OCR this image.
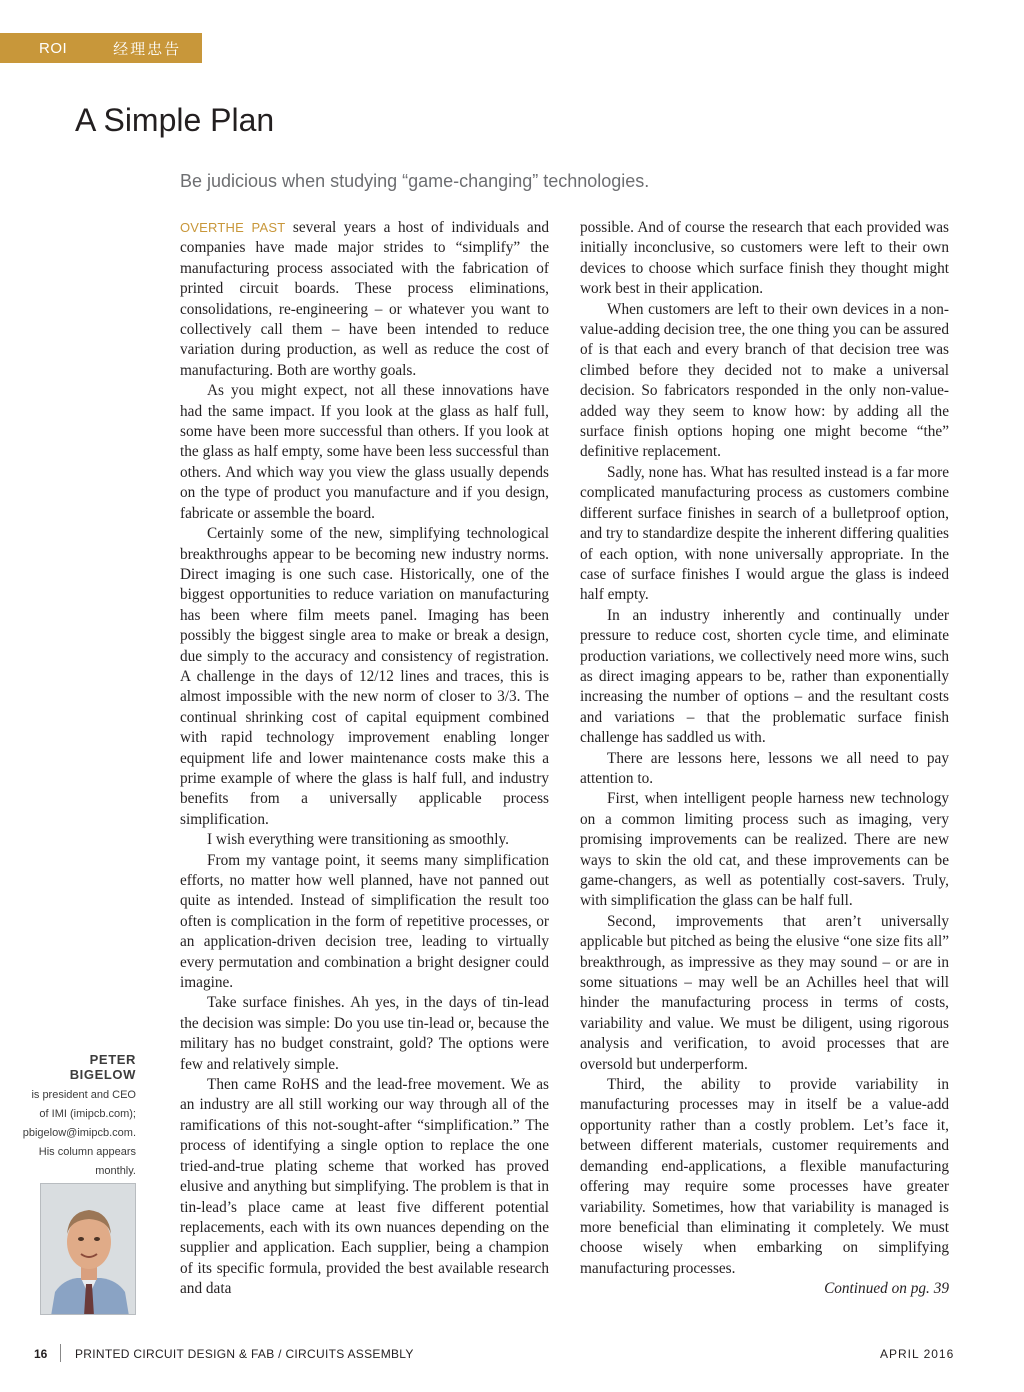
ROI	经理忠告
A Simple Plan
Be judicious when studying “game-changing” technologies.

OVERTHE PAST several years a host of individuals and companies have made major strides to “simplify” the manufacturing process associated with the fabrication of printed circuit boards. These process eliminations, consolidations, re-engineering – or whatever you want to collectively call them – have been intended to reduce variation during production, as well as reduce the cost of manufacturing. Both are worthy goals.

As you might expect, not all these innovations have had the same impact. If you look at the glass as half full, some have been more successful than others. If you look at the glass as half empty, some have been less successful than others. And which way you view the glass usually depends on the type of product you manufacture and if you design, fabricate or assemble the board.

Certainly some of the new, simplifying technological breakthroughs appear to be becoming new industry norms. Direct imaging is one such case. Historically, one of the biggest opportunities to reduce variation on manufacturing has been where film meets panel. Imaging has been possibly the biggest single area to make or break a design, due simply to the accuracy and consistency of registration. A challenge in the days of 12/12 lines and traces, this is almost impossible with the new norm of closer to 3/3. The continual shrinking cost of capital equipment combined with rapid technology improvement enabling longer equipment life and lower maintenance costs make this a prime example of where the glass is half full, and industry benefits from a universally applicable process simplification.

I wish everything were transitioning as smoothly.

From my vantage point, it seems many simplification efforts, no matter how well planned, have not panned out quite as intended. Instead of simplification the result too often is complication in the form of repetitive processes, or an application-driven decision tree, leading to virtually every permutation and combination a bright designer could imagine.

Take surface finishes. Ah yes, in the days of tin-lead the decision was simple: Do you use tin-lead or, because the military has no budget constraint, gold? The options were few and relatively simple.

Then came RoHS and the lead-free movement. We as an industry are all still working our way through all of the ramifications of this not-sought-after “simplification.” The process of identifying a single option to replace the one tried-and-true plating scheme that worked has proved elusive and anything but simplifying. The problem is that in tin-lead’s place came at least five different potential replacements, each with its own nuances depending on the supplier and application. Each supplier, being a champion of its specific formula, provided the best available research and data

possible. And of course the research that each provided was initially inconclusive, so customers were left to their own devices to choose which surface finish they thought might work best in their application.

When customers are left to their own devices in a non-value-adding decision tree, the one thing you can be assured of is that each and every branch of that decision tree was climbed before they decided not to make a universal decision. So fabricators responded in the only non-value-added way they seem to know how: by adding all the surface finish options hoping one might become “the” definitive replacement.

Sadly, none has. What has resulted instead is a far more complicated manufacturing process as customers combine different surface finishes in search of a bulletproof option, and try to standardize despite the inherent differing qualities of each option, with none universally appropriate. In the case of surface finishes I would argue the glass is indeed half empty.

In an industry inherently and continually under pressure to reduce cost, shorten cycle time, and eliminate production variations, we collectively need more wins, such as direct imaging appears to be, rather than exponentially increasing the number of options – and the resultant costs and variations – that the problematic surface finish challenge has saddled us with.

There are lessons here, lessons we all need to pay attention to.

First, when intelligent people harness new technology on a common limiting process such as imaging, very promising improvements can be realized. There are new ways to skin the old cat, and these improvements can be game-changers, as well as potentially cost-savers. Truly, with simplification the glass can be half full.

Second, improvements that aren’t universally applicable but pitched as being the elusive “one size fits all” breakthrough, as impressive as they may sound – or are in some situations – may well be an Achilles heel that will hinder the manufacturing process in terms of costs, variability and value. We must be diligent, using rigorous analysis and verification, to avoid processes that are oversold but underperform.

Third, the ability to provide variability in manufacturing processes may in itself be a value-add opportunity rather than a costly problem. Let’s face it, between different materials, customer requirements and demanding end-applications, a flexible manufacturing offering may require some processes have greater variability. Sometimes, how that variability is managed is more beneficial than eliminating it completely. We must choose wisely when embarking on simplifying manufacturing processes.

Continued on pg. 39

PETER BIGELOW
is president and CEO of IMI (imipcb.com); pbigelow@imipcb.com. His column appears monthly.
16 PRINTED CIRCUIT DESIGN & FAB / CIRCUITS ASSEMBLY	APRIL 2016
